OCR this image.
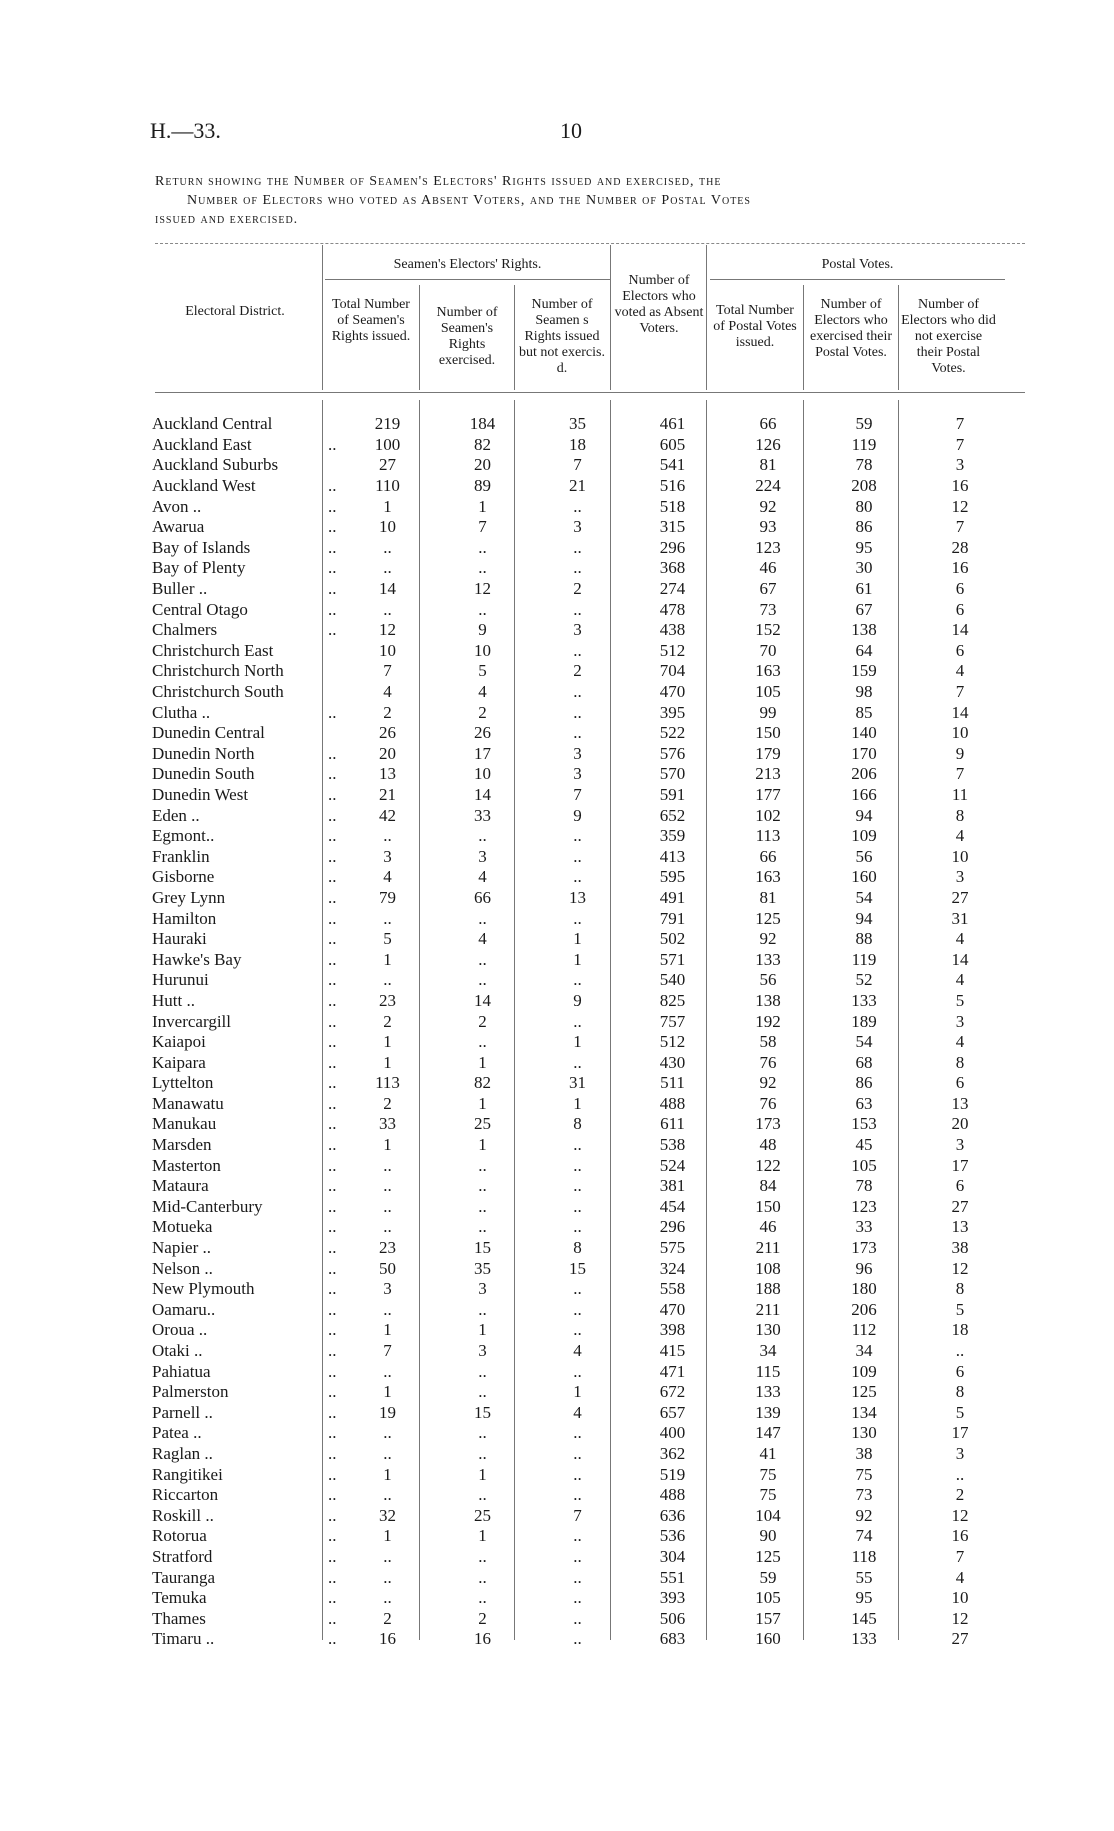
H.—33.	10
Return showing the Number of Seamen's Electors' Rights issued and exercised, the
Number of Electors who voted as Absent Voters, and the Number of Postal Votes
issued and exercised.
Electoral District.
Seamen's Electors' Rights.
Total Number of Seamen's Rights issued.
Number of Seamen's Rights exercised.
Number of Seamen s Rights issued but not exercis. d.
Number of Electors who voted as Absent Voters.
Postal Votes.
Total Number of Postal Votes issued.
Number of Electors who exercised their Postal Votes.
Number of Electors who did not exercise their Postal Votes.
Auckland Central		219	184	35	461	66	59	7
Auckland East	..	100	82	18	605	126	119	7
Auckland Suburbs		27	20	7	541	81	78	3
Auckland West	..	110	89	21	516	224	208	16
Avon ..	..	1	1	..	518	92	80	12
Awarua	..	10	7	3	315	93	86	7
Bay of Islands	..	..	..	..	296	123	95	28
Bay of Plenty	..	..	..	..	368	46	30	16
Buller ..	..	14	12	2	274	67	61	6
Central Otago	..	..	..	..	478	73	67	6
Chalmers	..	12	9	3	438	152	138	14
Christchurch East		10	10	..	512	70	64	6
Christchurch North		7	5	2	704	163	159	4
Christchurch South		4	4	..	470	105	98	7
Clutha ..	..	2	2	..	395	99	85	14
Dunedin Central		26	26	..	522	150	140	10
Dunedin North	..	20	17	3	576	179	170	9
Dunedin South	..	13	10	3	570	213	206	7
Dunedin West	..	21	14	7	591	177	166	11
Eden ..	..	42	33	9	652	102	94	8
Egmont..	..	..	..	..	359	113	109	4
Franklin	..	3	3	..	413	66	56	10
Gisborne	..	4	4	..	595	163	160	3
Grey Lynn	..	79	66	13	491	81	54	27
Hamilton	..	..	..	..	791	125	94	31
Hauraki	..	5	4	1	502	92	88	4
Hawke's Bay	..	1	..	1	571	133	119	14
Hurunui	..	..	..	..	540	56	52	4
Hutt ..	..	23	14	9	825	138	133	5
Invercargill	..	2	2	..	757	192	189	3
Kaiapoi	..	1	..	1	512	58	54	4
Kaipara	..	1	1	..	430	76	68	8
Lyttelton	..	113	82	31	511	92	86	6
Manawatu	..	2	1	1	488	76	63	13
Manukau	..	33	25	8	611	173	153	20
Marsden	..	1	1	..	538	48	45	3
Masterton	..	..	..	..	524	122	105	17
Mataura	..	..	..	..	381	84	78	6
Mid-Canterbury	..	..	..	..	454	150	123	27
Motueka	..	..	..	..	296	46	33	13
Napier ..	..	23	15	8	575	211	173	38
Nelson ..	..	50	35	15	324	108	96	12
New Plymouth	..	3	3	..	558	188	180	8
Oamaru..	..	..	..	..	470	211	206	5
Oroua ..	..	1	1	..	398	130	112	18
Otaki ..	..	7	3	4	415	34	34	..
Pahiatua	..	..	..	..	471	115	109	6
Palmerston	..	1	..	1	672	133	125	8
Parnell ..	..	19	15	4	657	139	134	5
Patea ..	..	..	..	..	400	147	130	17
Raglan ..	..	..	..	..	362	41	38	3
Rangitikei	..	1	1	..	519	75	75	..
Riccarton	..	..	..	..	488	75	73	2
Roskill ..	..	32	25	7	636	104	92	12
Rotorua	..	1	1	..	536	90	74	16
Stratford	..	..	..	..	304	125	118	7
Tauranga	..	..	..	..	551	59	55	4
Temuka	..	..	..	..	393	105	95	10
Thames	..	2	2	..	506	157	145	12
Timaru ..	..	16	16	..	683	160	133	27
